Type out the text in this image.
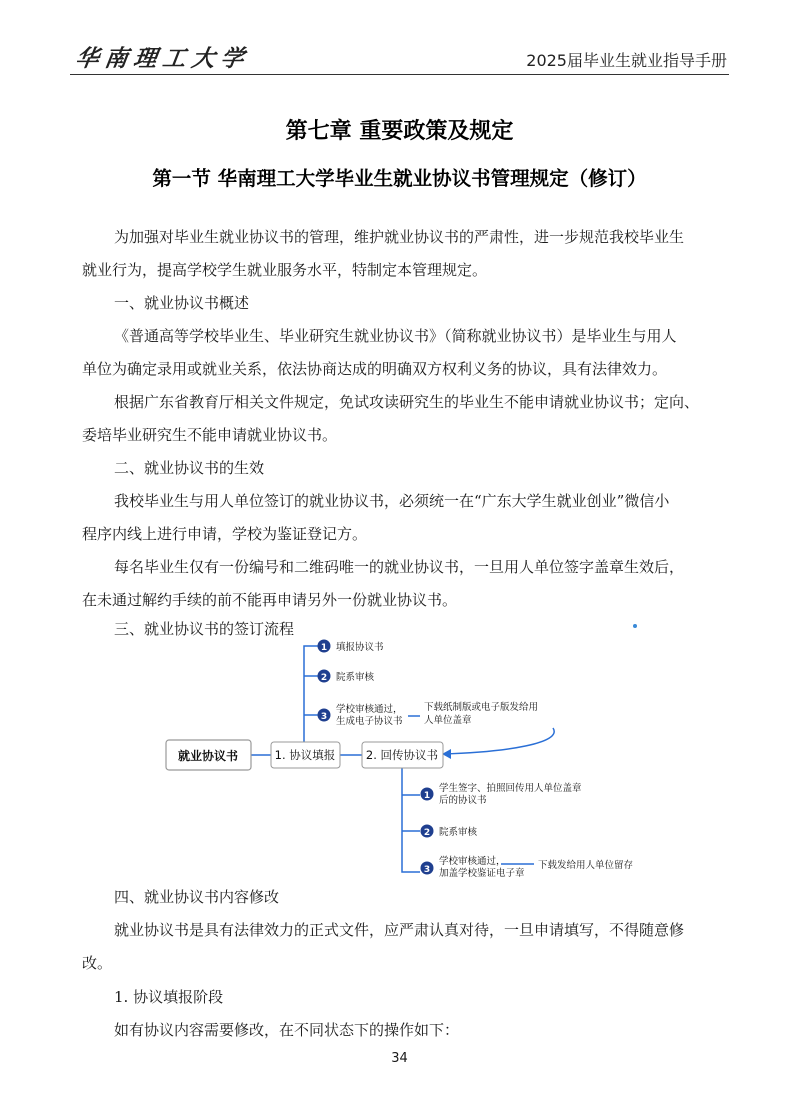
华南理工大学	2025届毕业生就业指导手册
第七章 重要政策及规定
第一节 华南理工大学毕业生就业协议书管理规定（修订）

为加强对毕业生就业协议书的管理，维护就业协议书的严肃性，进一步规范我校毕业生

就业行为，提高学校学生就业服务水平，特制定本管理规定。

一、就业协议书概述

《普通高等学校毕业生、毕业研究生就业协议书》（简称就业协议书）是毕业生与用人

单位为确定录用或就业关系，依法协商达成的明确双方权利义务的协议，具有法律效力。

根据广东省教育厅相关文件规定，免试攻读研究生的毕业生不能申请就业协议书；定向、

委培毕业研究生不能申请就业协议书。

二、就业协议书的生效

我校毕业生与用人单位签订的就业协议书，必须统一在“广东大学生就业创业”微信小

程序内线上进行申请，学校为鉴证登记方。

每名毕业生仅有一份编号和二维码唯一的就业协议书，一旦用人单位签字盖章生效后，

在未通过解约手续的前不能再申请另外一份就业协议书。

三、就业协议书的签订流程

就业协议书	1. 协议填报	2. 回传协议书
1 填报协议书
2 院系审核
3
学校审核通过，
生成电子协议书
下载纸制版或电子版发给用
人单位盖章
1
学生签字、拍照回传用人单位盖章
后的协议书
2 院系审核
3
学校审核通过，
加盖学校鉴证电子章
下载发给用人单位留存

四、就业协议书内容修改

就业协议书是具有法律效力的正式文件，应严肃认真对待，一旦申请填写，不得随意修

改。

1. 协议填报阶段

如有协议内容需要修改，在不同状态下的操作如下：

34
